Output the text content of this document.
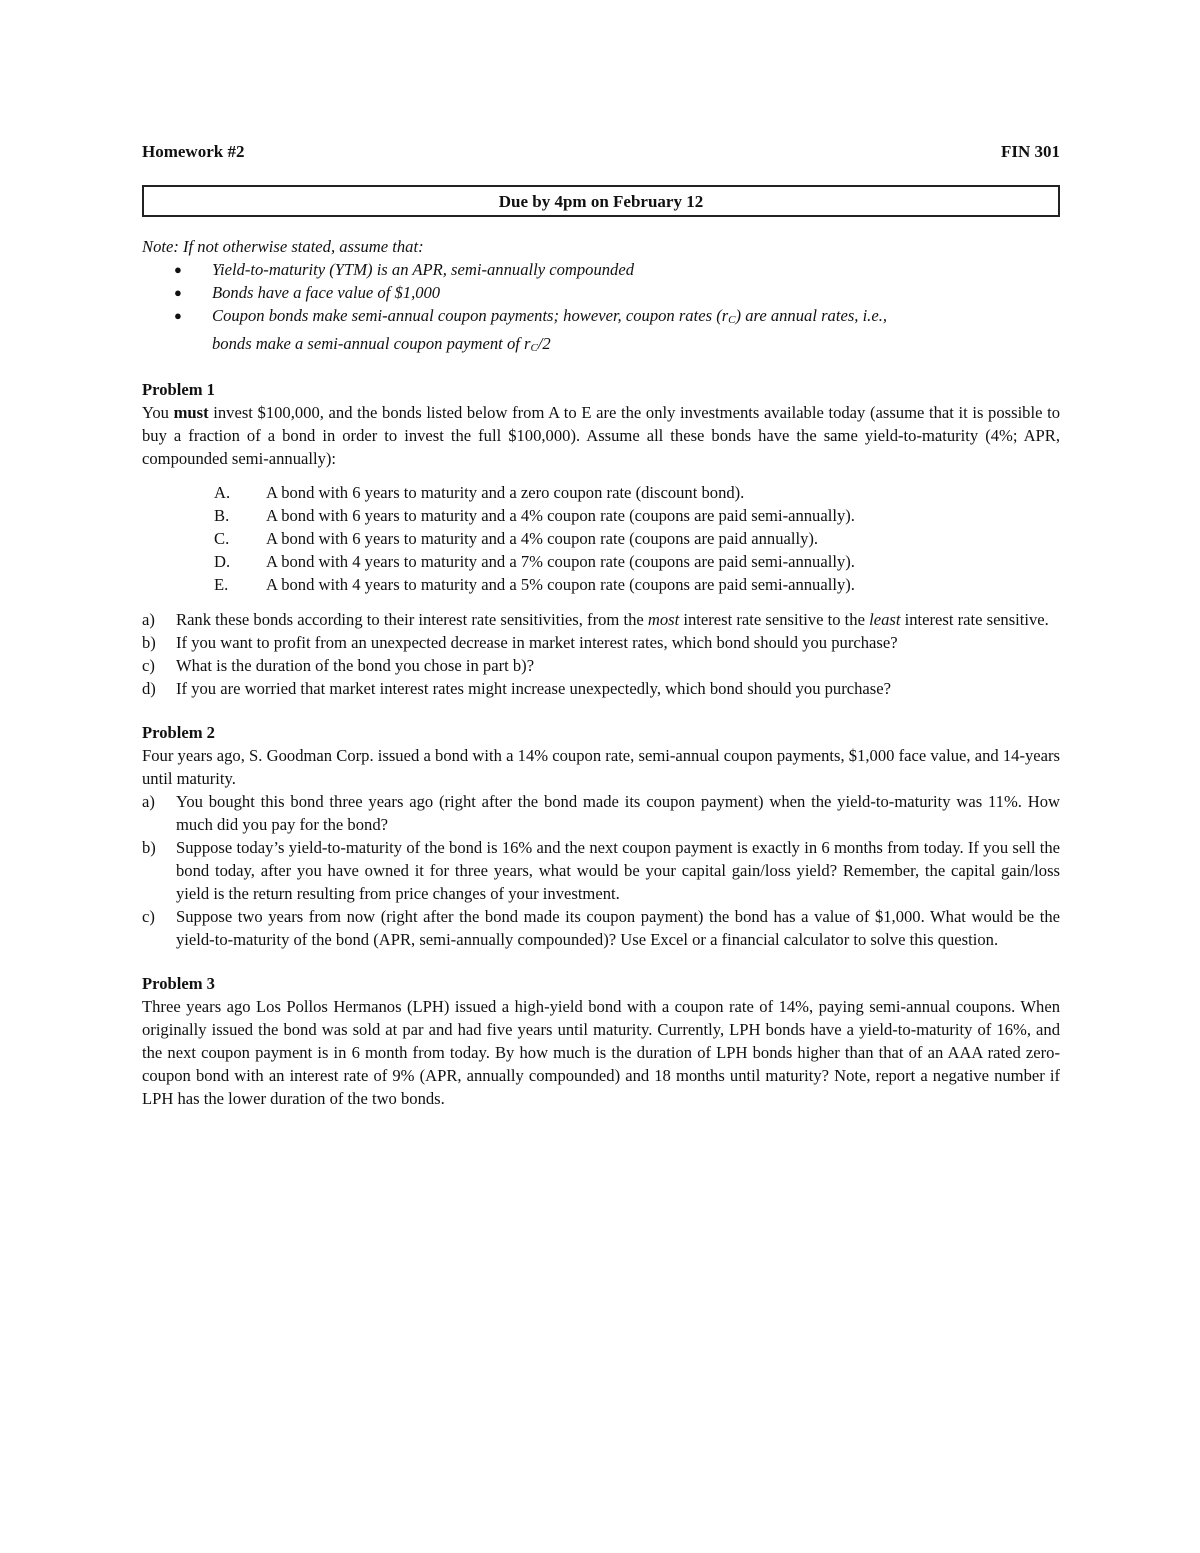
Homework #2	FIN 301
Due by 4pm on February 12
Note: If not otherwise stated, assume that:
● Yield-to-maturity (YTM) is an APR, semi-annually compounded
● Bonds have a face value of $1,000
● Coupon bonds make semi-annual coupon payments; however, coupon rates (rC) are annual rates, i.e.,
bonds make a semi-annual coupon payment of rC/2
Problem 1
You must invest $100,000, and the bonds listed below from A to E are the only investments available today (assume that it is possible to buy a fraction of a bond in order to invest the full $100,000). Assume all these bonds have the same yield-to-maturity (4%; APR, compounded semi-annually):
A.	A bond with 6 years to maturity and a zero coupon rate (discount bond).
B.	A bond with 6 years to maturity and a 4% coupon rate (coupons are paid semi-annually).
C.	A bond with 6 years to maturity and a 4% coupon rate (coupons are paid annually).
D.	A bond with 4 years to maturity and a 7% coupon rate (coupons are paid semi-annually).
E.	A bond with 4 years to maturity and a 5% coupon rate (coupons are paid semi-annually).
a)	Rank these bonds according to their interest rate sensitivities, from the most interest rate sensitive to the least interest rate sensitive.
b)	If you want to profit from an unexpected decrease in market interest rates, which bond should you purchase?
c)	What is the duration of the bond you chose in part b)?
d)	If you are worried that market interest rates might increase unexpectedly, which bond should you purchase?
Problem 2
Four years ago, S. Goodman Corp. issued a bond with a 14% coupon rate, semi-annual coupon payments, $1,000 face value, and 14-years until maturity.
a)	You bought this bond three years ago (right after the bond made its coupon payment) when the yield-to-maturity was 11%. How much did you pay for the bond?
b)	Suppose today’s yield-to-maturity of the bond is 16% and the next coupon payment is exactly in 6 months from today. If you sell the bond today, after you have owned it for three years, what would be your capital gain/loss yield? Remember, the capital gain/loss yield is the return resulting from price changes of your investment.
c)	Suppose two years from now (right after the bond made its coupon payment) the bond has a value of $1,000. What would be the yield-to-maturity of the bond (APR, semi-annually compounded)? Use Excel or a financial calculator to solve this question.
Problem 3
Three years ago Los Pollos Hermanos (LPH) issued a high-yield bond with a coupon rate of 14%, paying semi-annual coupons. When originally issued the bond was sold at par and had five years until maturity. Currently, LPH bonds have a yield-to-maturity of 16%, and the next coupon payment is in 6 month from today. By how much is the duration of LPH bonds higher than that of an AAA rated zero-coupon bond with an interest rate of 9% (APR, annually compounded) and 18 months until maturity? Note, report a negative number if LPH has the lower duration of the two bonds.
